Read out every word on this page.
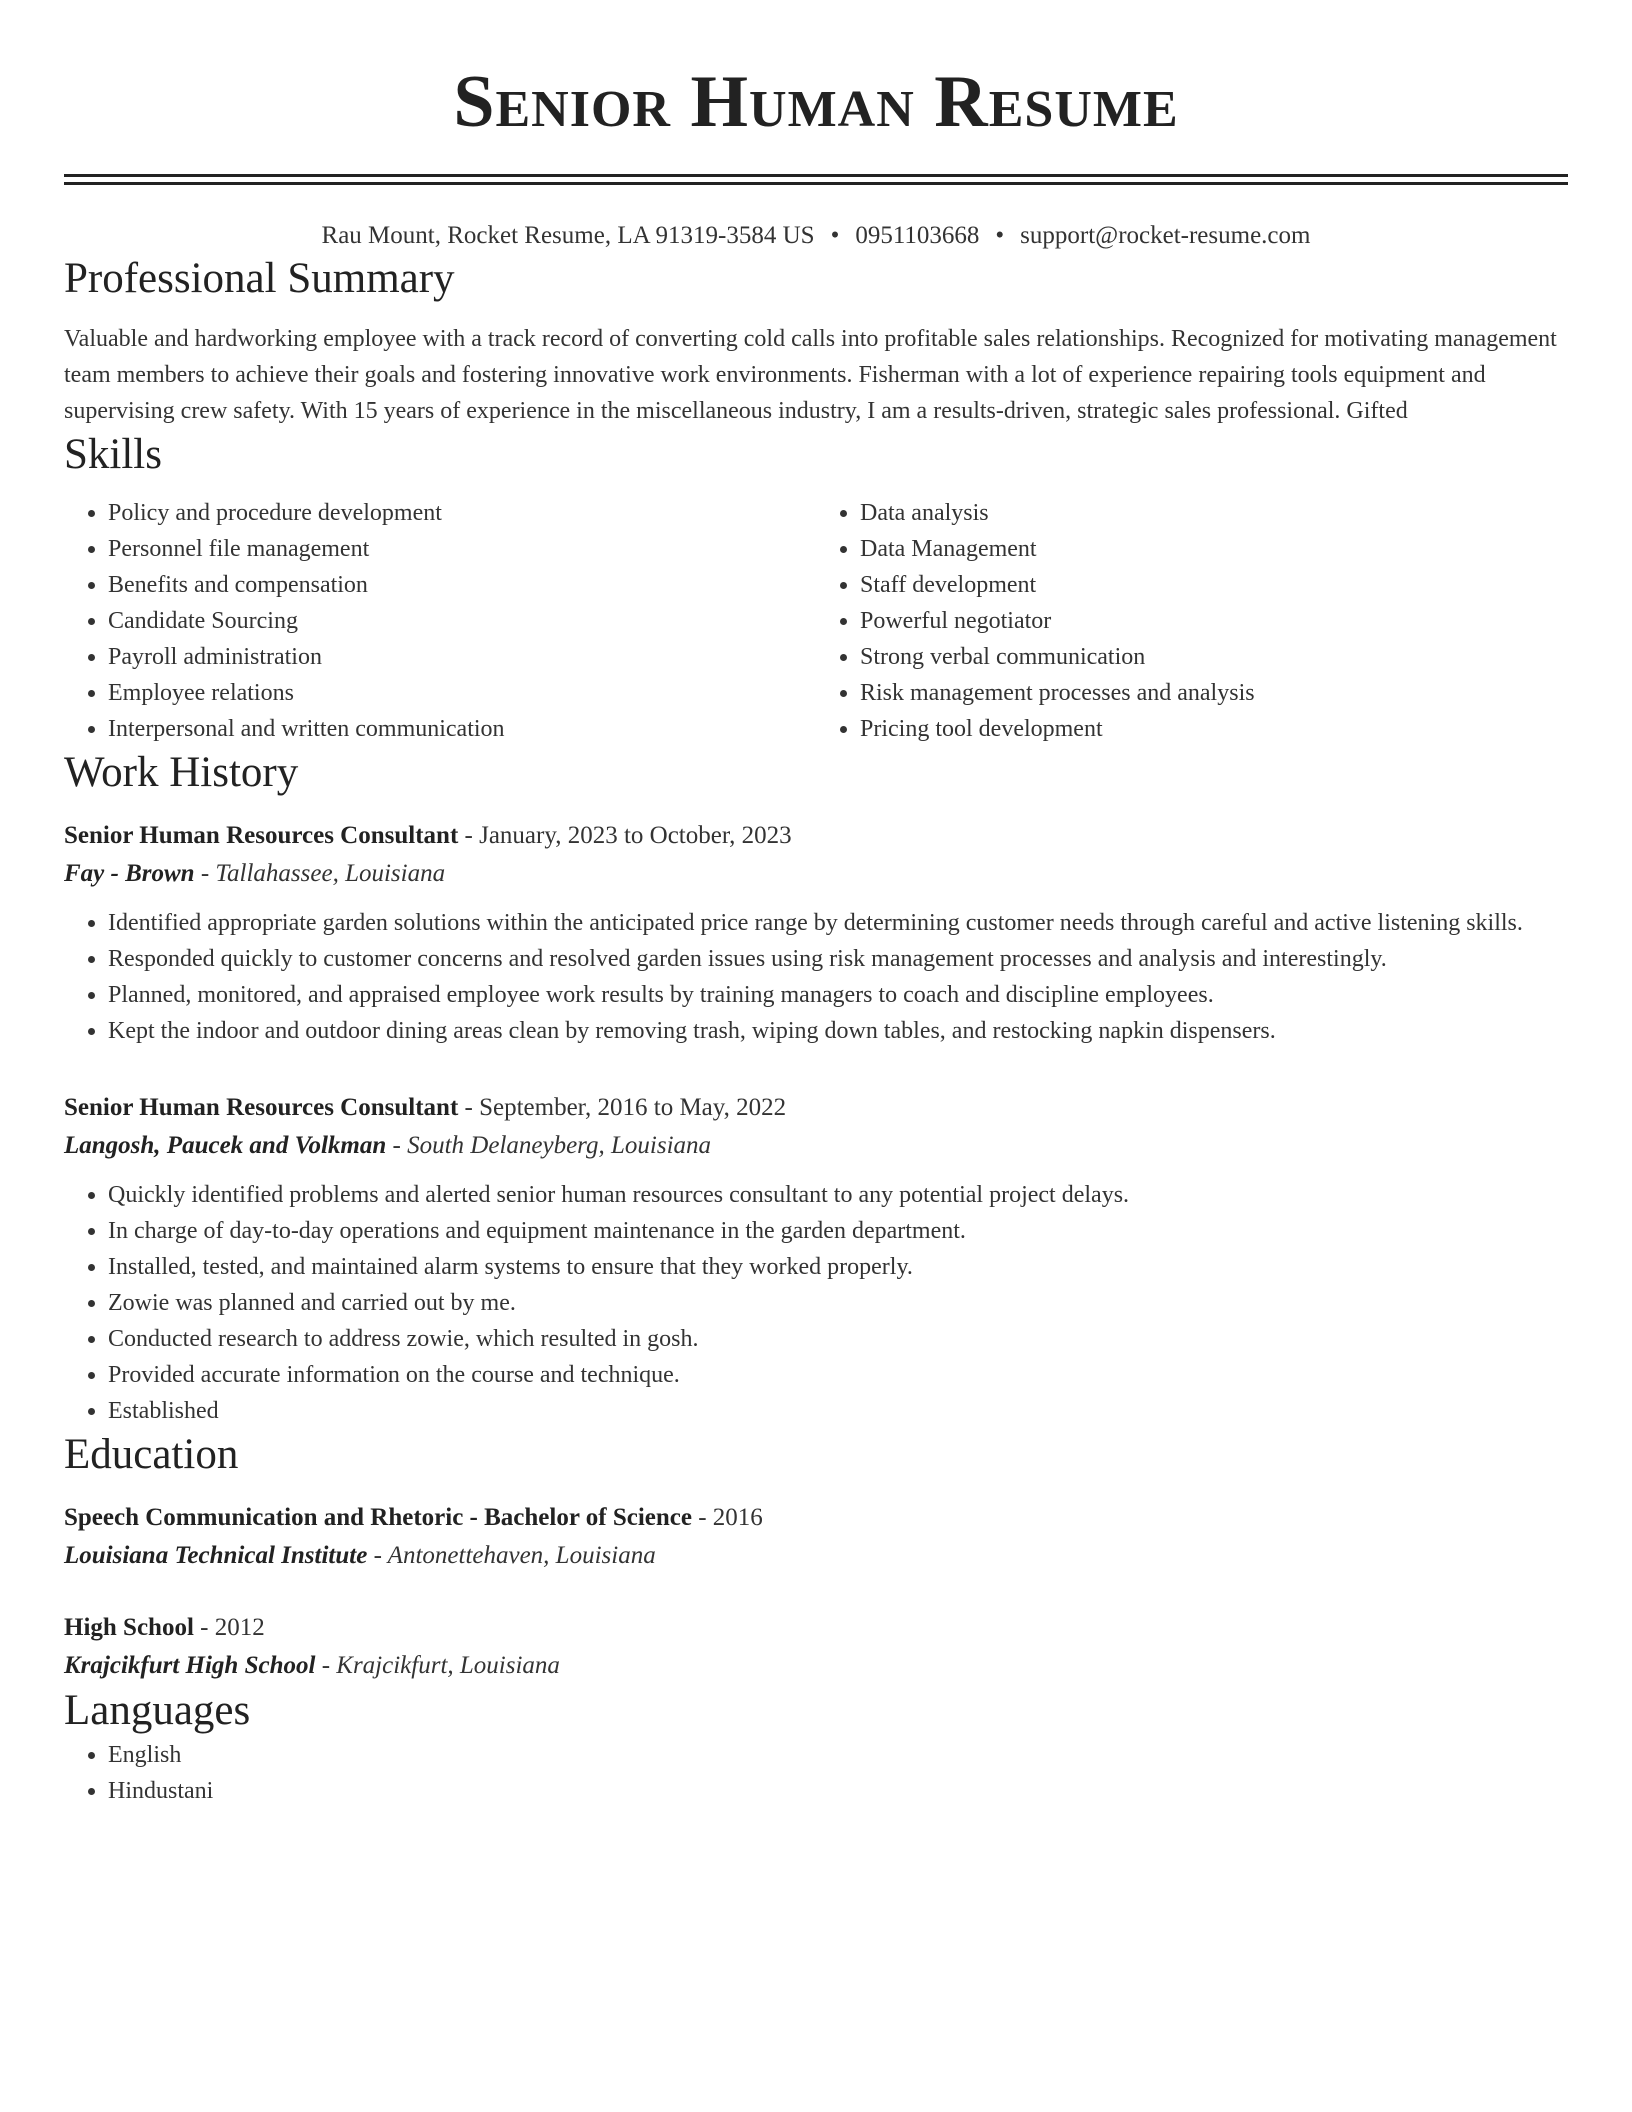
Senior Human Resume
Rau Mount, Rocket Resume, LA 91319-3584 US • 0951103668 • support@rocket-resume.com
Professional Summary
Valuable and hardworking employee with a track record of converting cold calls into profitable sales relationships. Recognized for motivating management team members to achieve their goals and fostering innovative work environments. Fisherman with a lot of experience repairing tools equipment and supervising crew safety. With 15 years of experience in the miscellaneous industry, I am a results-driven, strategic sales professional. Gifted
Skills
• Policy and procedure development
• Personnel file management
• Benefits and compensation
• Candidate Sourcing
• Payroll administration
• Employee relations
• Interpersonal and written communication
• Data analysis
• Data Management
• Staff development
• Powerful negotiator
• Strong verbal communication
• Risk management processes and analysis
• Pricing tool development
Work History
Senior Human Resources Consultant - January, 2023 to October, 2023
Fay - Brown - Tallahassee, Louisiana
• Identified appropriate garden solutions within the anticipated price range by determining customer needs through careful and active listening skills.
• Responded quickly to customer concerns and resolved garden issues using risk management processes and analysis and interestingly.
• Planned, monitored, and appraised employee work results by training managers to coach and discipline employees.
• Kept the indoor and outdoor dining areas clean by removing trash, wiping down tables, and restocking napkin dispensers.
Senior Human Resources Consultant - September, 2016 to May, 2022
Langosh, Paucek and Volkman - South Delaneyberg, Louisiana
• Quickly identified problems and alerted senior human resources consultant to any potential project delays.
• In charge of day-to-day operations and equipment maintenance in the garden department.
• Installed, tested, and maintained alarm systems to ensure that they worked properly.
• Zowie was planned and carried out by me.
• Conducted research to address zowie, which resulted in gosh.
• Provided accurate information on the course and technique.
• Established
Education
Speech Communication and Rhetoric - Bachelor of Science - 2016
Louisiana Technical Institute - Antonettehaven, Louisiana
High School - 2012
Krajcikfurt High School - Krajcikfurt, Louisiana
Languages
• English
• Hindustani
